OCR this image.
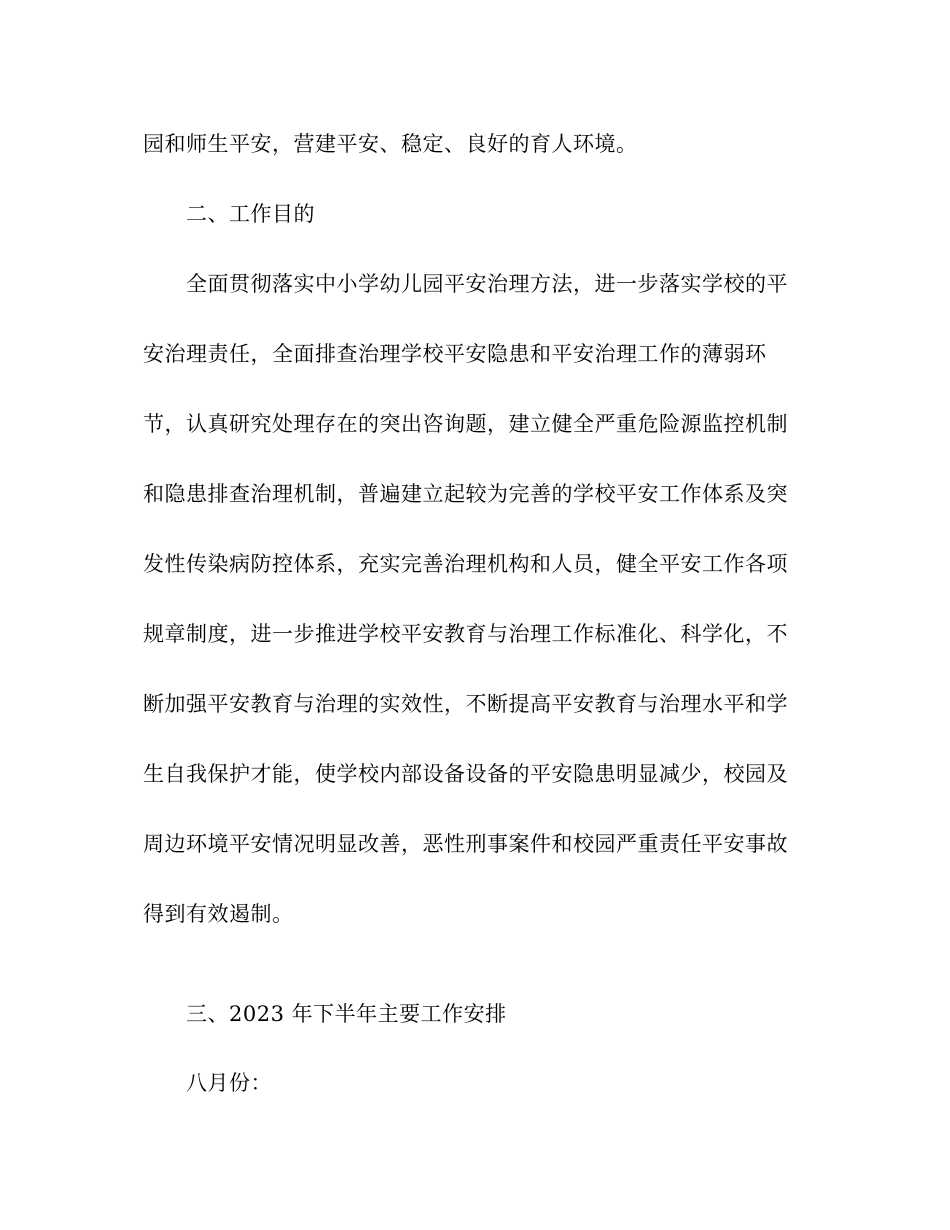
园和师生平安，营建平安、稳定、良好的育人环境。
二、工作目的
全面贯彻落实中小学幼儿园平安治理方法，进一步落实学校的平
安治理责任，全面排查治理学校平安隐患和平安治理工作的薄弱环
节，认真研究处理存在的突出咨询题，建立健全严重危险源监控机制
和隐患排查治理机制，普遍建立起较为完善的学校平安工作体系及突
发性传染病防控体系，充实完善治理机构和人员，健全平安工作各项
规章制度，进一步推进学校平安教育与治理工作标准化、科学化，不
断加强平安教育与治理的实效性，不断提高平安教育与治理水平和学
生自我保护才能，使学校内部设备设备的平安隐患明显减少，校园及
周边环境平安情况明显改善，恶性刑事案件和校园严重责任平安事故
得到有效遏制。
三、2023 年下半年主要工作安排
八月份：
